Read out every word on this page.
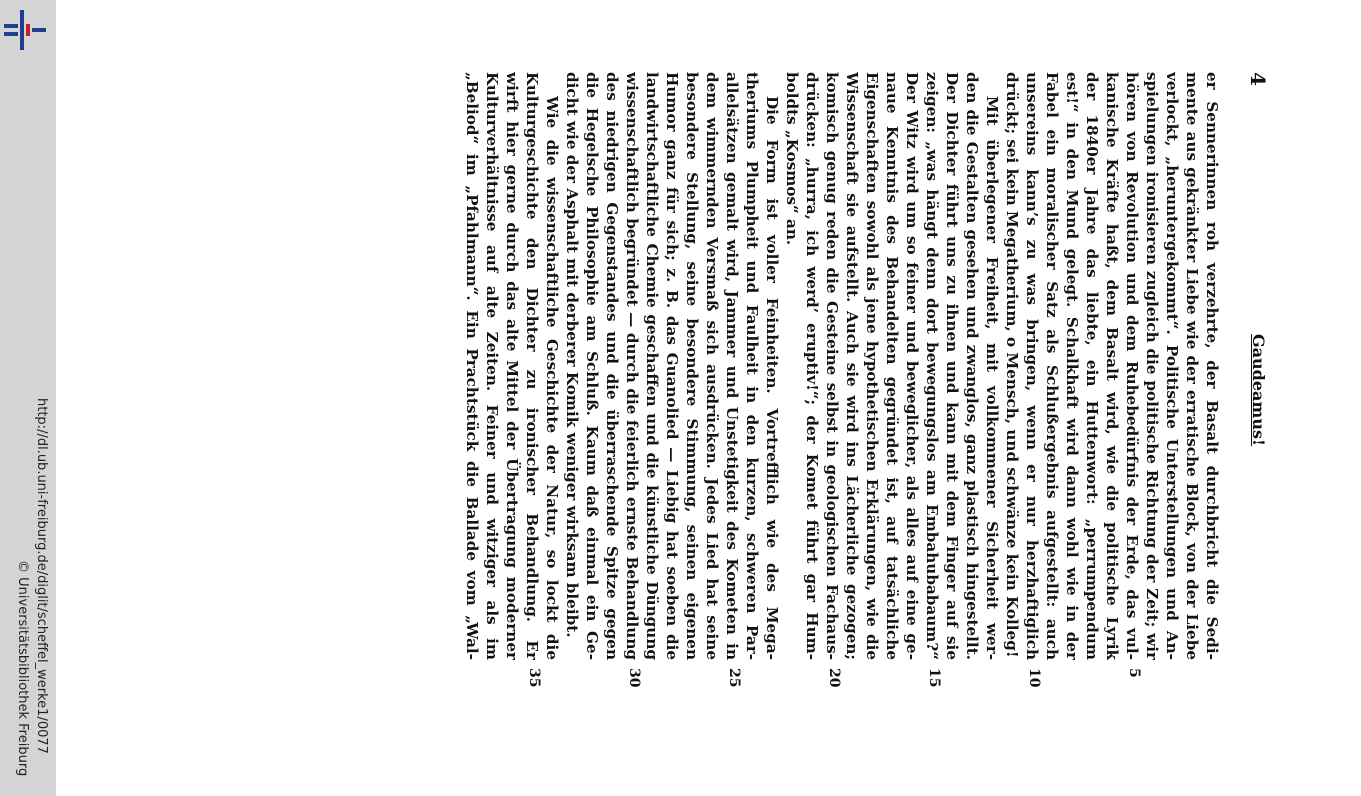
http://dl.ub.uni-freiburg.de/diglit/scheffel_werke1/0077
© Universitätsbibliothek Freiburg
4
Gaudeamus!
er Sennerinnen roh verzehrte, der Basalt durchbricht die Sedi-
mente aus gekränkter Liebe wie der erratische Block, von der Liebe
verlockt, „heruntergekommt“. Politische Unterstellungen und An-
spielungen ironisieren zugleich die politische Richtung der Zeit; wir
hören von Revolution und dem Ruhebedürfnis der Erde, das vul-
kanische Kräfte haßt, dem Basalt wird, wie die politische Lyrik
der 1840er Jahre das liebte, ein Huttenwort: „perrumpendum
est!“ in den Mund gelegt. Schalkhaft wird dann wohl wie in der
Fabel ein moralischer Satz als Schlußergebnis aufgestellt: auch
unsereins kann’s zu was bringen, wenn er nur herzhaftiglich
drückt; sei kein Megatherium, o Mensch, und schwänze kein Kolleg!
Mit überlegener Freiheit, mit vollkommener Sicherheit wer-
den die Gestalten gesehen und zwanglos, ganz plastisch hingestellt.
Der Dichter führt uns zu ihnen und kann mit dem Finger auf sie
zeigen: „was hängt denn dort bewegungslos am Embahubabaum?“
Der Witz wird um so feiner und beweglicher, als alles auf eine ge-
naue Kenntnis des Behandelten gegründet ist, auf tatsächliche
Eigenschaften sowohl als jene hypothetischen Erklärungen, wie die
Wissenschaft sie aufstellt. Auch sie wird ins Lächerliche gezogen;
komisch genug reden die Gesteine selbst in geologischen Fachaus-
drücken: „hurra, ich werd’ eruptiv!“; der Komet führt gar Hum-
boldts „Kosmos“ an.
Die Form ist voller Feinheiten. Vortrefflich wie des Mega-
theriums Plumpheit und Faulheit in den kurzen, schweren Par-
allelsätzen gemalt wird, Jammer und Unstetigkeit des Kometen in
dem wimmernden Versmaß sich ausdrücken. Jedes Lied hat seine
besondere Stellung, seine besondere Stimmung, seinen eigenen
Humor ganz für sich; z. B. das Guanolied — Liebig hat soeben die
landwirtschaftliche Chemie geschaffen und die künstliche Düngung
wissenschaftlich begründet — durch die feierlich ernste Behandlung
des niedrigen Gegenstandes und die überraschende Spitze gegen
die Hegelsche Philosophie am Schluß. Kaum daß einmal ein Ge-
dicht wie der Asphalt mit derberer Komik weniger wirksam bleibt.
Wie die wissenschaftliche Geschichte der Natur, so lockt die
Kulturgeschichte den Dichter zu ironischer Behandlung. Er
wirft hier gerne durch das alte Mittel der Übertragung moderner
Kulturverhältnisse auf alte Zeiten. Feiner und witziger als im
„Beliod“ im „Pfahlmann“. Ein Prachtstück die Ballade vom „Wal-
5
10
15
20
25
30
35
